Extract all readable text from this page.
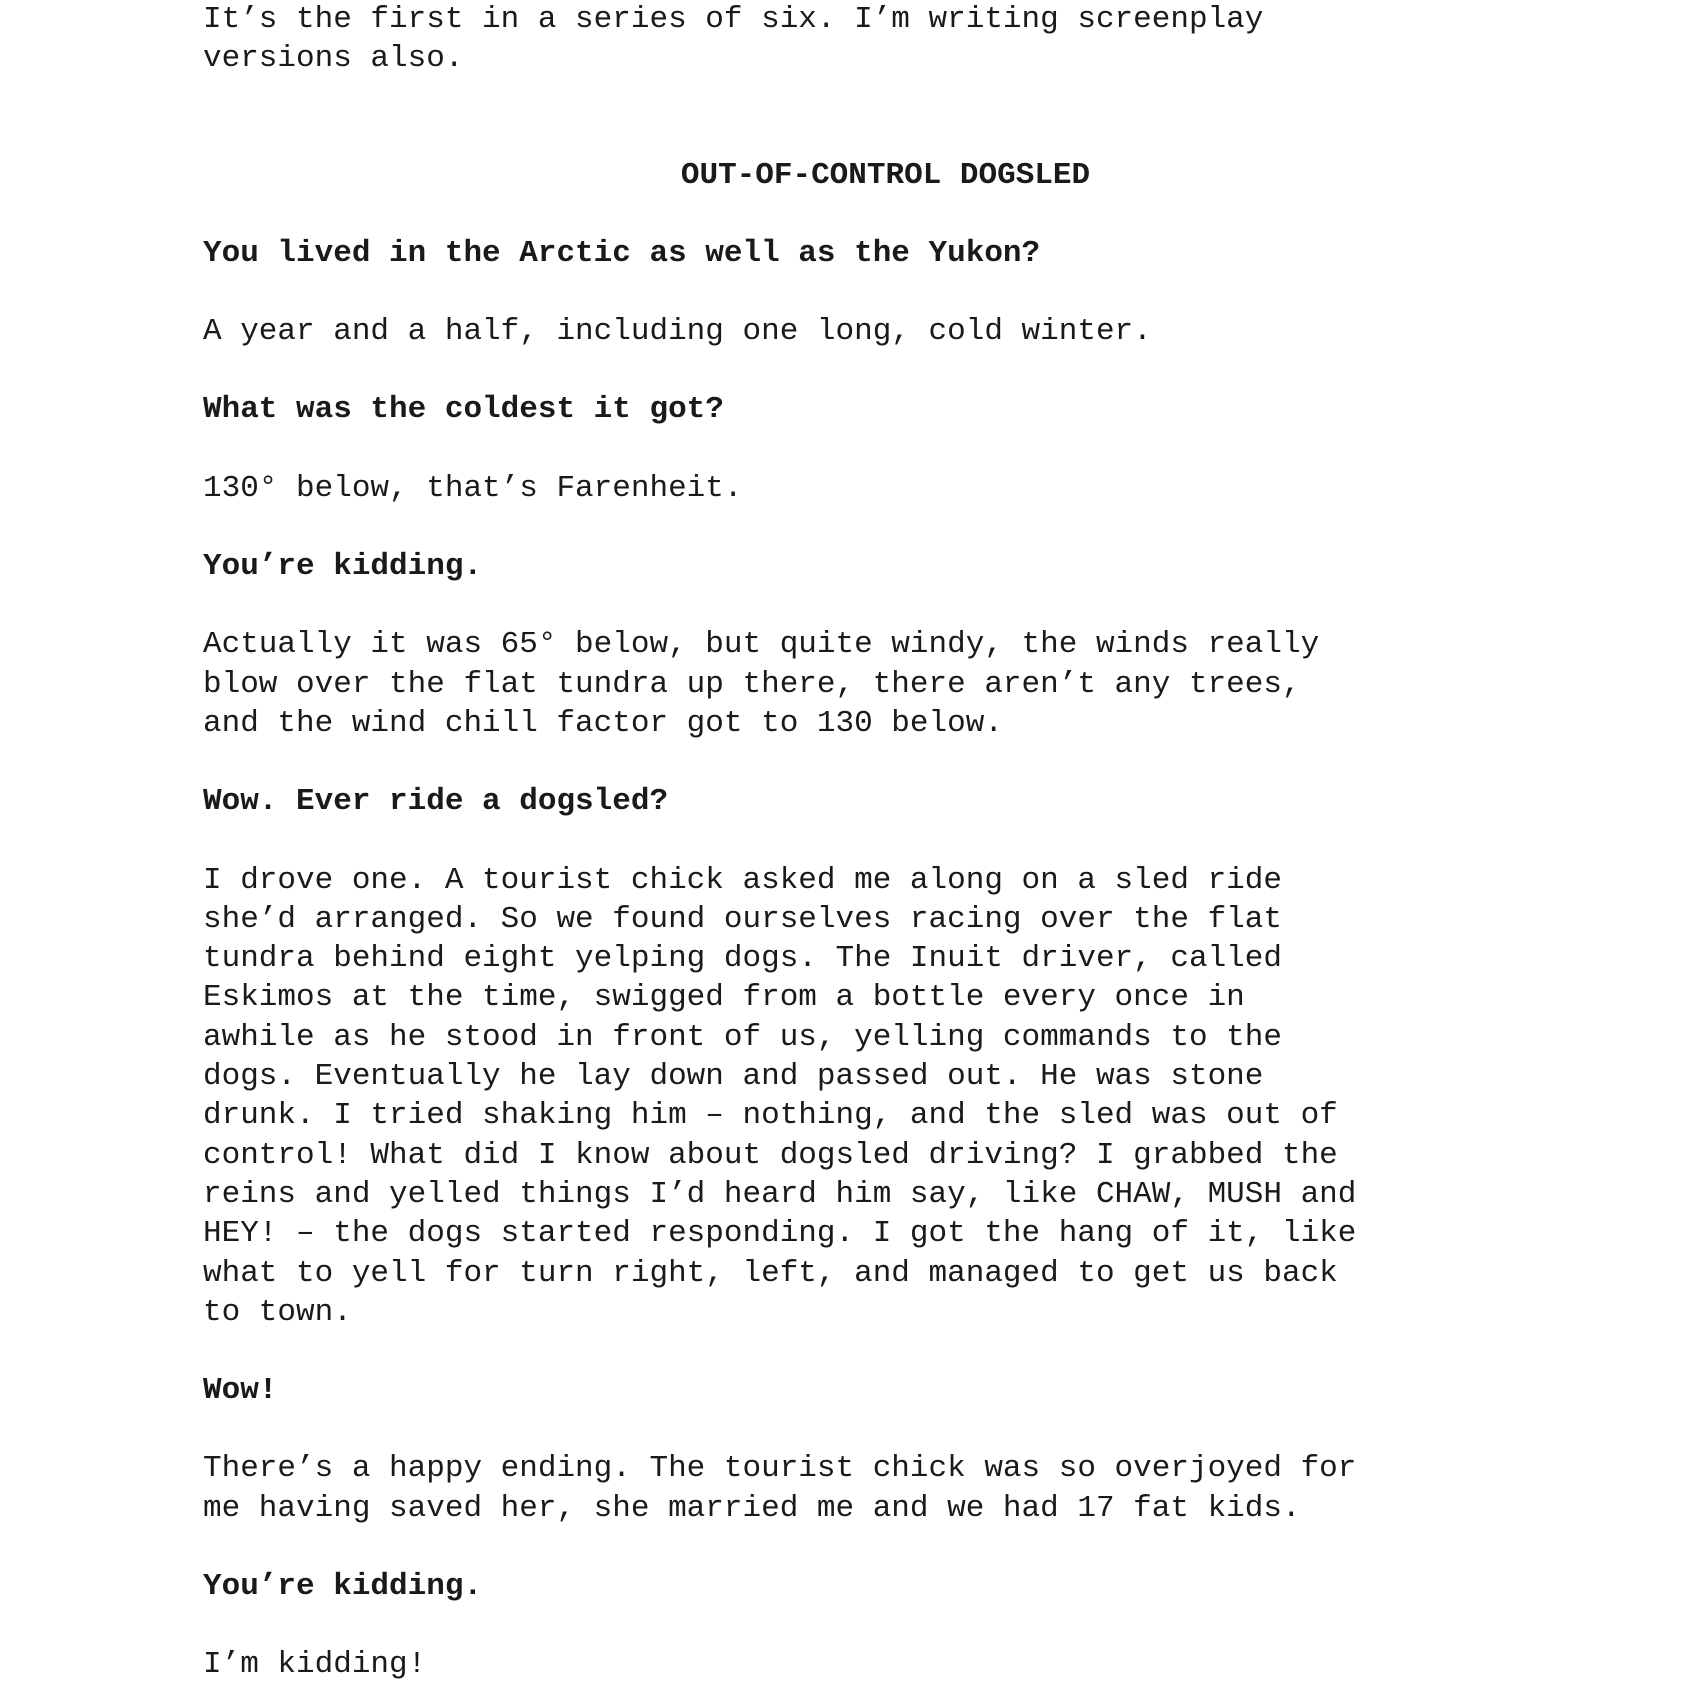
It’s the first in a series of six. I’m writing screenplay
versions also.

OUT-OF-CONTROL DOGSLED

You lived in the Arctic as well as the Yukon?

A year and a half, including one long, cold winter.

What was the coldest it got?

130° below, that’s Farenheit.

You’re kidding.

Actually it was 65° below, but quite windy, the winds really
blow over the flat tundra up there, there aren’t any trees,
and the wind chill factor got to 130 below.

Wow. Ever ride a dogsled?

I drove one. A tourist chick asked me along on a sled ride
she’d arranged. So we found ourselves racing over the flat
tundra behind eight yelping dogs. The Inuit driver, called
Eskimos at the time, swigged from a bottle every once in
awhile as he stood in front of us, yelling commands to the
dogs. Eventually he lay down and passed out. He was stone
drunk. I tried shaking him – nothing, and the sled was out of
control! What did I know about dogsled driving? I grabbed the
reins and yelled things I’d heard him say, like CHAW, MUSH and
HEY! – the dogs started responding. I got the hang of it, like
what to yell for turn right, left, and managed to get us back
to town.

Wow!

There’s a happy ending. The tourist chick was so overjoyed for
me having saved her, she married me and we had 17 fat kids.

You’re kidding.

I’m kidding!
